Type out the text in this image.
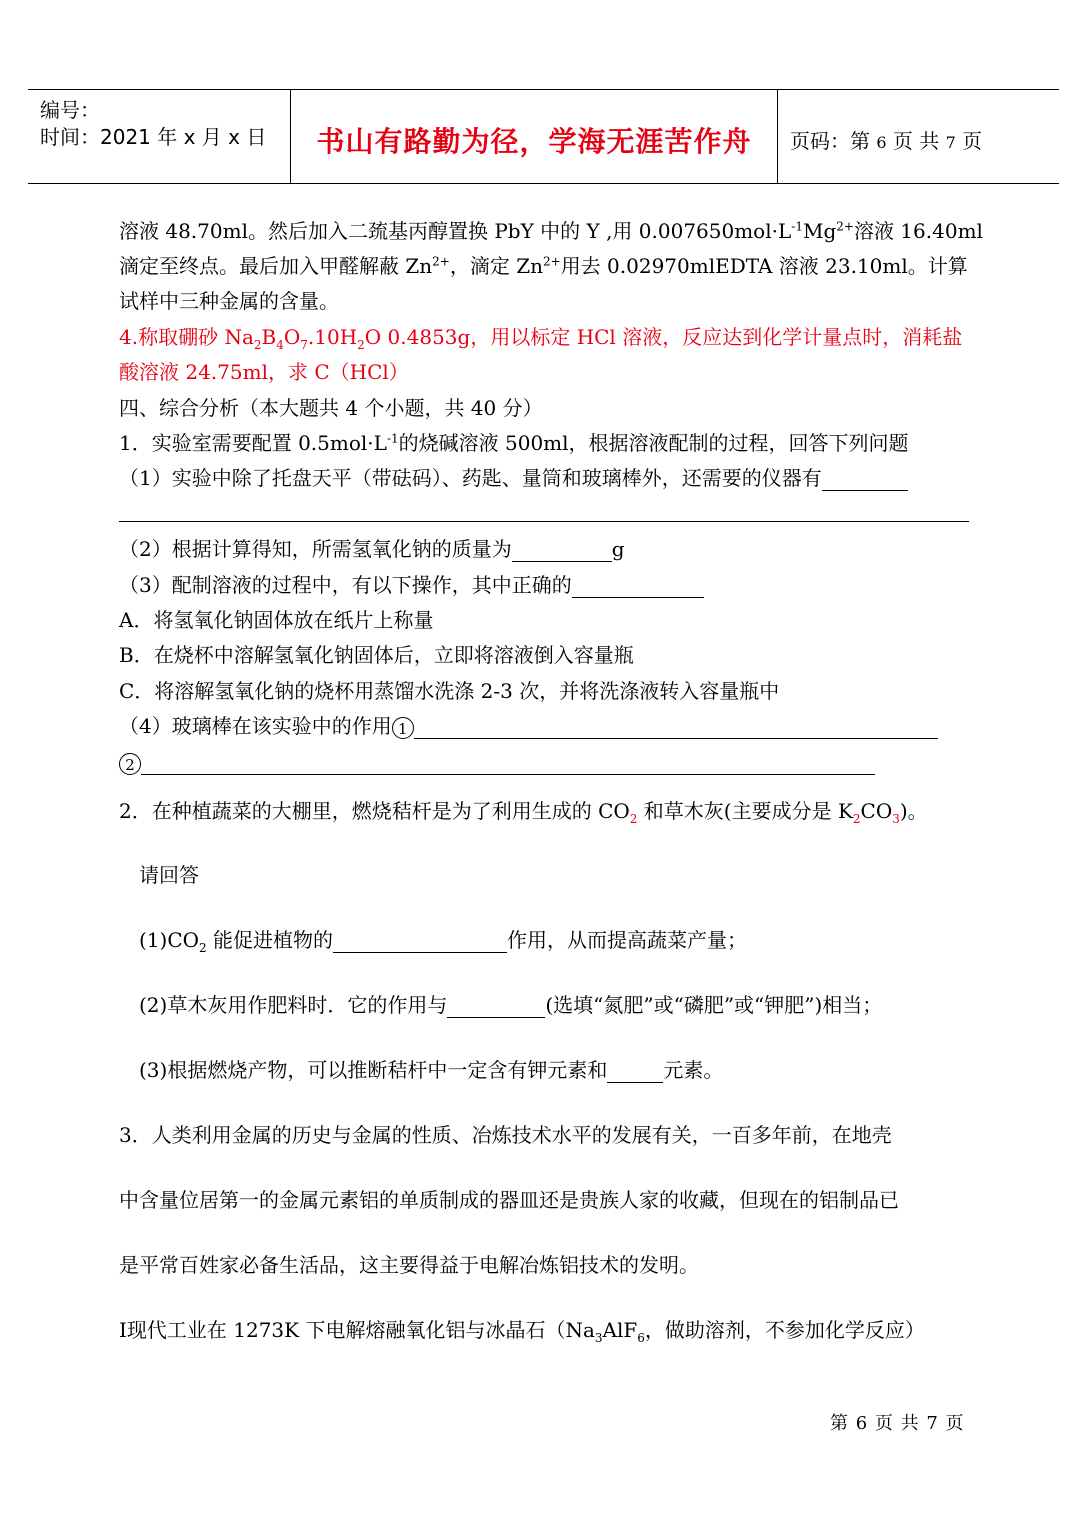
编号：
时间：2021 年 x 月 x 日	书山有路勤为径，学海无涯苦作舟	页码：第 6 页 共 7 页
溶液 48.70ml。然后加入二巯基丙醇置换 PbY 中的 Y ,用 $0.007650mol\cdot L^{-1}Mg^{2+}$溶液 16.40ml
滴定至终点。最后加入甲醛解蔽 $Zn^{2+}$，滴定 $Zn^{2+}$用去 0.02970mlEDTA 溶液 23.10ml。计算
试样中三种金属的含量。
4.称取硼砂 $Na_2B_4O_7.10H_2O$ 0.4853g，用以标定 HCl 溶液，反应达到化学计量点时，消耗盐
酸溶液 24.75ml，求 C（HCl）
四、综合分析（本大题共 4 个小题，共 40 分）
1．实验室需要配置 $0.5mol\cdot L^{-1}$的烧碱溶液 500ml，根据溶液配制的过程，回答下列问题
（1）实验中除了托盘天平（带砝码）、药匙、量筒和玻璃棒外，还需要的仪器有
（2）根据计算得知，所需氢氧化钠的质量为	g
（3）配制溶液的过程中，有以下操作，其中正确的
A．将氢氧化钠固体放在纸片上称量
B．在烧杯中溶解氢氧化钠固体后，立即将溶液倒入容量瓶
C．将溶解氢氧化钠的烧杯用蒸馏水洗涤 2-3 次，并将洗涤液转入容量瓶中
（4）玻璃棒在该实验中的作用 1
2
2．在种植蔬菜的大棚里，燃烧秸杆是为了利用生成的 $CO_2$ 和草木灰(主要成分是 $K_2CO_3$)。
请回答
$(1)CO_2$ 能促进植物的	作用，从而提高蔬菜产量；
(2)草木灰用作肥料时．它的作用与	(选填“氮肥”或“磷肥”或“钾肥”)相当；
(3)根据燃烧产物，可以推断秸杆中一定含有钾元素和	元素。
3．人类利用金属的历史与金属的性质、冶炼技术水平的发展有关，一百多年前，在地壳
中含量位居第一的金属元素铝的单质制成的器皿还是贵族人家的收藏，但现在的铝制品已
是平常百姓家必备生活品，这主要得益于电解冶炼铝技术的发明。
Ⅰ现代工业在 1273K 下电解熔融氧化铝与冰晶石（$Na_3AlF_6$，做助溶剂，不参加化学反应）
第 6 页 共 7 页
